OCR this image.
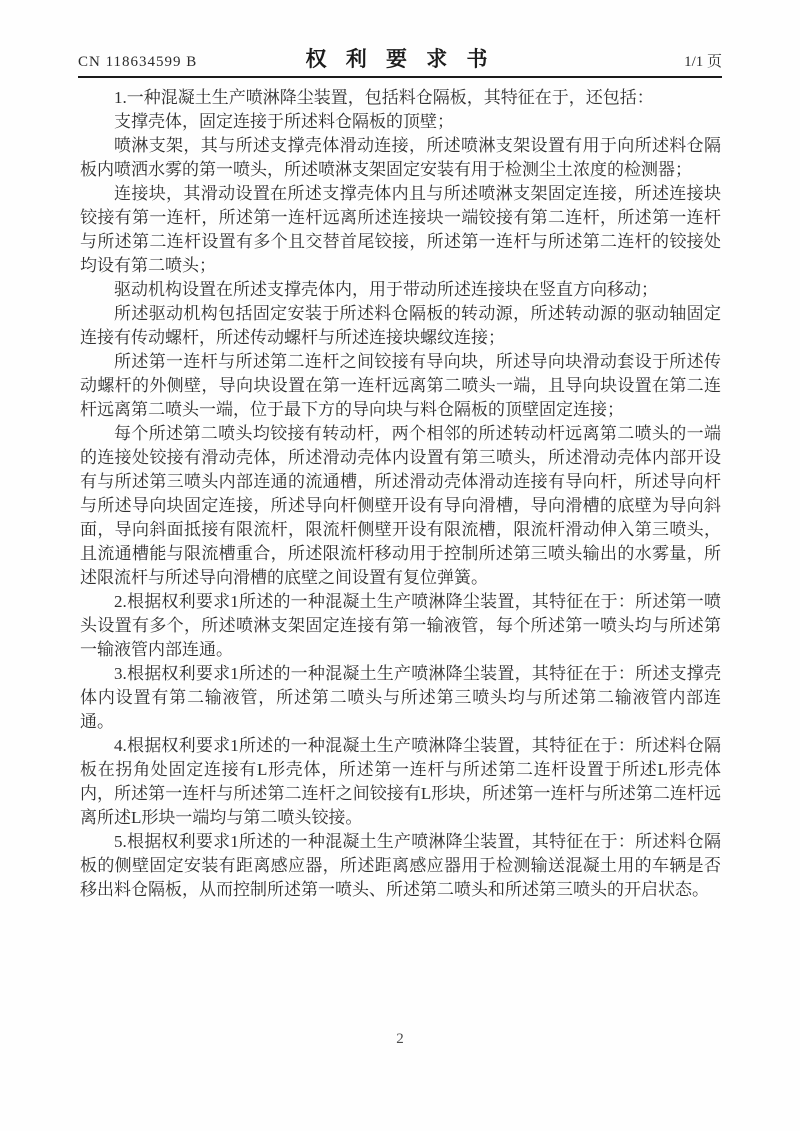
CN 118634599 B	权 利 要 求 书	1/1 页

1.一种混凝土生产喷淋降尘装置，包括料仓隔板，其特征在于，还包括：

支撑壳体，固定连接于所述料仓隔板的顶壁；

喷淋支架，其与所述支撑壳体滑动连接，所述喷淋支架设置有用于向所述料仓隔板内喷洒水雾的第一喷头，所述喷淋支架固定安装有用于检测尘土浓度的检测器；

连接块，其滑动设置在所述支撑壳体内且与所述喷淋支架固定连接，所述连接块铰接有第一连杆，所述第一连杆远离所述连接块一端铰接有第二连杆，所述第一连杆与所述第二连杆设置有多个且交替首尾铰接，所述第一连杆与所述第二连杆的铰接处均设有第二喷头；

驱动机构设置在所述支撑壳体内，用于带动所述连接块在竖直方向移动；

所述驱动机构包括固定安装于所述料仓隔板的转动源，所述转动源的驱动轴固定连接有传动螺杆，所述传动螺杆与所述连接块螺纹连接；

所述第一连杆与所述第二连杆之间铰接有导向块，所述导向块滑动套设于所述传动螺杆的外侧壁，导向块设置在第一连杆远离第二喷头一端，且导向块设置在第二连杆远离第二喷头一端，位于最下方的导向块与料仓隔板的顶壁固定连接；

每个所述第二喷头均铰接有转动杆，两个相邻的所述转动杆远离第二喷头的一端的连接处铰接有滑动壳体，所述滑动壳体内设置有第三喷头，所述滑动壳体内部开设有与所述第三喷头内部连通的流通槽，所述滑动壳体滑动连接有导向杆，所述导向杆与所述导向块固定连接，所述导向杆侧壁开设有导向滑槽，导向滑槽的底壁为导向斜面，导向斜面抵接有限流杆，限流杆侧壁开设有限流槽，限流杆滑动伸入第三喷头，且流通槽能与限流槽重合，所述限流杆移动用于控制所述第三喷头输出的水雾量，所述限流杆与所述导向滑槽的底壁之间设置有复位弹簧。

2.根据权利要求1所述的一种混凝土生产喷淋降尘装置，其特征在于：所述第一喷头设置有多个，所述喷淋支架固定连接有第一输液管，每个所述第一喷头均与所述第一输液管内部连通。

3.根据权利要求1所述的一种混凝土生产喷淋降尘装置，其特征在于：所述支撑壳体内设置有第二输液管，所述第二喷头与所述第三喷头均与所述第二输液管内部连通。

4.根据权利要求1所述的一种混凝土生产喷淋降尘装置，其特征在于：所述料仓隔板在拐角处固定连接有L形壳体，所述第一连杆与所述第二连杆设置于所述L形壳体内，所述第一连杆与所述第二连杆之间铰接有L形块，所述第一连杆与所述第二连杆远离所述L形块一端均与第二喷头铰接。

5.根据权利要求1所述的一种混凝土生产喷淋降尘装置，其特征在于：所述料仓隔板的侧壁固定安装有距离感应器，所述距离感应器用于检测输送混凝土用的车辆是否移出料仓隔板，从而控制所述第一喷头、所述第二喷头和所述第三喷头的开启状态。

2
